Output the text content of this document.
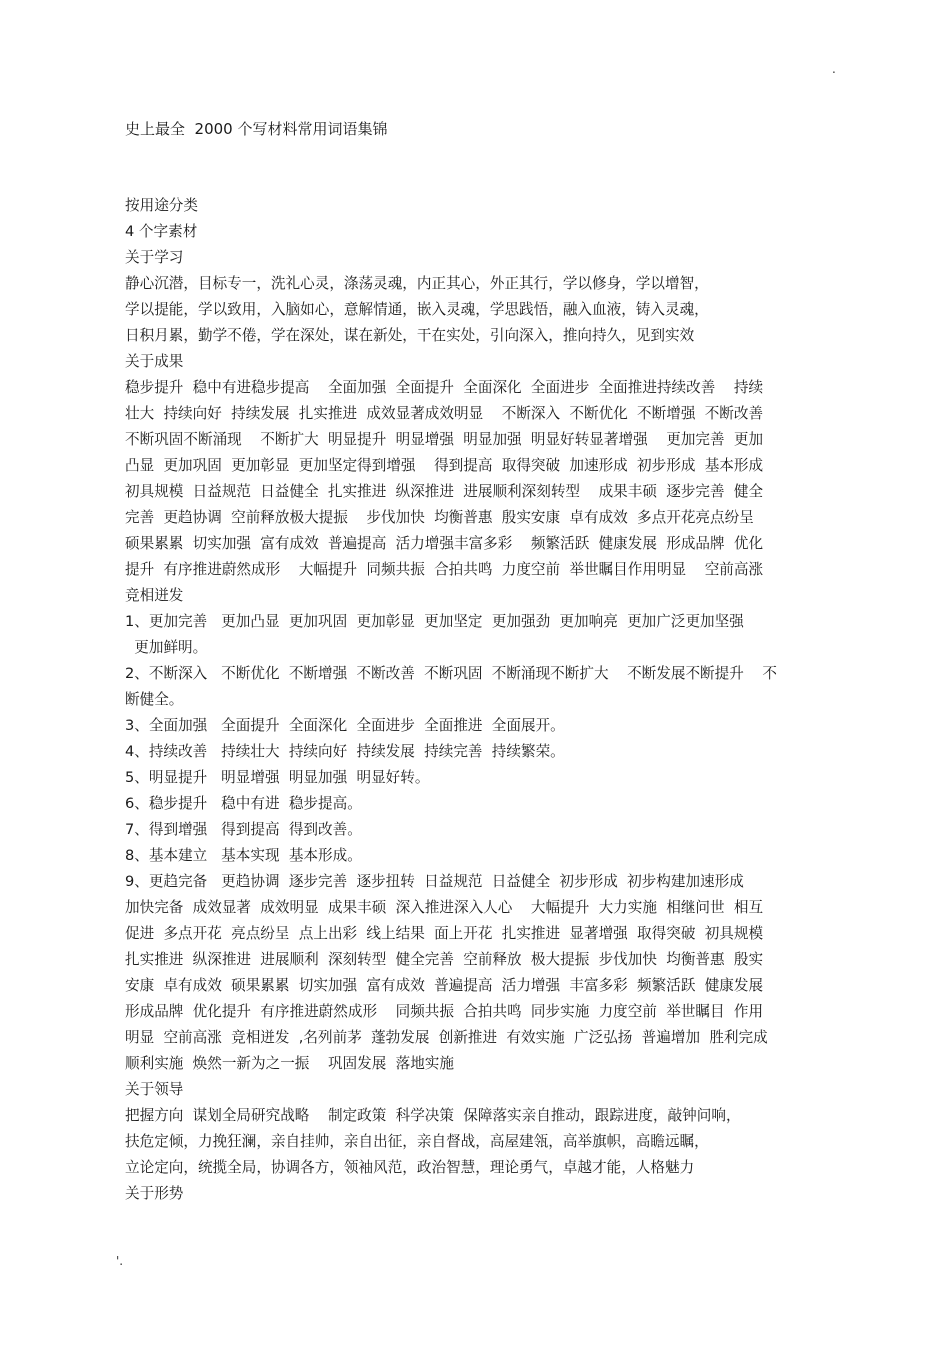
.
史上最全  2000 个写材料常用词语集锦
按用途分类
4 个字素材
关于学习
静心沉潜，目标专一，洗礼心灵，涤荡灵魂，内正其心，外正其行，学以修身，学以增智，
学以提能，学以致用，入脑如心，意解情通，嵌入灵魂，学思践悟，融入血液，铸入灵魂，
日积月累，勤学不倦，学在深处，谋在新处，干在实处，引向深入，推向持久，见到实效
关于成果
稳步提升  稳中有进稳步提高    全面加强  全面提升  全面深化  全面进步  全面推进持续改善    持续
壮大  持续向好  持续发展  扎实推进  成效显著成效明显    不断深入  不断优化  不断增强  不断改善
不断巩固不断涌现    不断扩大  明显提升  明显增强  明显加强  明显好转显著增强    更加完善  更加
凸显  更加巩固  更加彰显  更加坚定得到增强    得到提高  取得突破  加速形成  初步形成  基本形成
初具规模  日益规范  日益健全  扎实推进  纵深推进  进展顺利深刻转型    成果丰硕  逐步完善  健全
完善  更趋协调  空前释放极大提振    步伐加快  均衡普惠  殷实安康  卓有成效  多点开花亮点纷呈
硕果累累  切实加强  富有成效  普遍提高  活力增强丰富多彩    频繁活跃  健康发展  形成品牌  优化
提升  有序推进蔚然成形    大幅提升  同频共振  合拍共鸣  力度空前  举世瞩目作用明显    空前高涨
竞相迸发
1、更加完善   更加凸显  更加巩固  更加彰显  更加坚定  更加强劲  更加响亮  更加广泛更加坚强
更加鲜明。
2、不断深入   不断优化  不断增强  不断改善  不断巩固  不断涌现不断扩大    不断发展不断提升    不
断健全。
3、全面加强   全面提升  全面深化  全面进步  全面推进  全面展开。
4、持续改善   持续壮大  持续向好  持续发展  持续完善  持续繁荣。
5、明显提升   明显增强  明显加强  明显好转。
6、稳步提升   稳中有进  稳步提高。
7、得到增强   得到提高  得到改善。
8、基本建立   基本实现  基本形成。
9、更趋完备   更趋协调  逐步完善  逐步扭转  日益规范  日益健全  初步形成  初步构建加速形成
加快完备  成效显著  成效明显  成果丰硕  深入推进深入人心    大幅提升  大力实施  相继问世  相互
促进  多点开花  亮点纷呈  点上出彩  线上结果  面上开花  扎实推进  显著增强  取得突破  初具规模
扎实推进  纵深推进  进展顺利  深刻转型  健全完善  空前释放  极大提振  步伐加快  均衡普惠  殷实
安康  卓有成效  硕果累累  切实加强  富有成效  普遍提高  活力增强  丰富多彩  频繁活跃  健康发展
形成品牌  优化提升  有序推进蔚然成形    同频共振  合拍共鸣  同步实施  力度空前  举世瞩目  作用
明显  空前高涨  竞相迸发  ,名列前茅  蓬勃发展  创新推进  有效实施  广泛弘扬  普遍增加  胜利完成
顺利实施  焕然一新为之一振    巩固发展  落地实施
关于领导
把握方向  谋划全局研究战略    制定政策  科学决策  保障落实亲自推动，跟踪进度，敲钟问响，
扶危定倾，力挽狂澜，亲自挂帅，亲自出征，亲自督战，高屋建瓴，高举旗帜，高瞻远瞩，
立论定向，统揽全局，协调各方，领袖风范，政治智慧，理论勇气，卓越才能，人格魅力
关于形势
'.
